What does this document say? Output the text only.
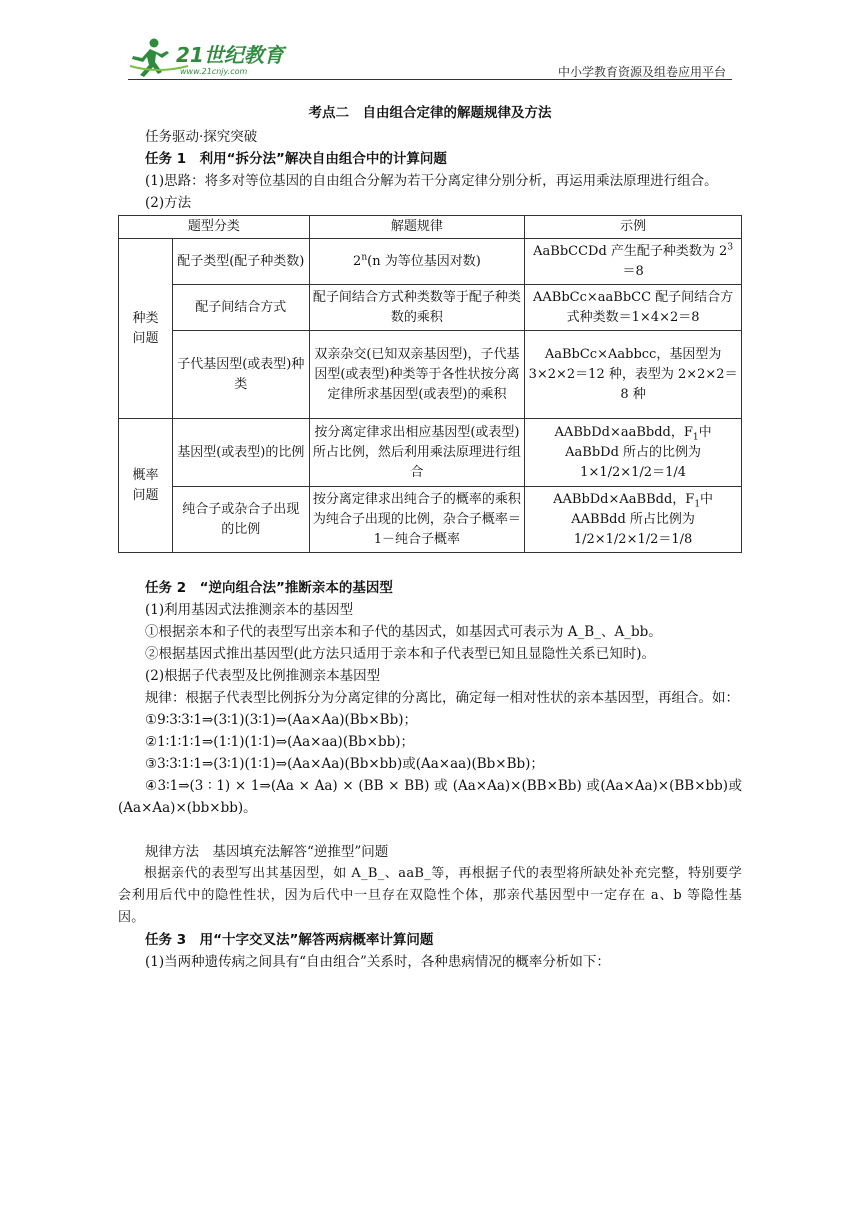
21世纪教育
www.21cnjy.com	中小学教育资源及组卷应用平台
考点二　自由组合定律的解题规律及方法

任务驱动·探究突破

任务 1　利用“拆分法”解决自由组合中的计算问题

(1)思路：将多对等位基因的自由组合分解为若干分离定律分别分析，再运用乘法原理进行组合。

(2)方法

题型分类		解题规律	示例
种类问题	配子类型(配子种类数)	2$^n$(n 为等位基因对数)	AaBbCCDd 产生配子种类数为 $2^3=8$
	配子间结合方式	配子间结合方式种类数等于配子种类数的乘积	AABbCc×aaBbCC 配子间结合方式种类数＝1×4×2＝8
	子代基因型(或表型)种类	双亲杂交(已知双亲基因型)，子代基因型(或表型)种类等于各性状按分离定律所求基因型(或表型)的乘积	AaBbCc×Aabbcc，基因型为 3×2×2＝12 种，表型为 2×2×2＝8 种
概率问题	基因型(或表型)的比例	按分离定律求出相应基因型(或表型)所占比例，然后利用乘法原理进行组合	AABbDd×aaBbdd，$F_1$中 AaBbDd 所占的比例为 1×1/2×1/2＝1/4
	纯合子或杂合子出现的比例	按分离定律求出纯合子的概率的乘积为纯合子出现的比例，杂合子概率＝1－纯合子概率	AABbDd×AaBBdd，$F_1$中 AABBdd 所占比例为 1/2×1/2×1/2＝1/8

任务 2　“逆向组合法”推断亲本的基因型

(1)利用基因式法推测亲本的基因型

①根据亲本和子代的表型写出亲本和子代的基因式，如基因式可表示为 A_B_、A_bb。

②根据基因式推出基因型(此方法只适用于亲本和子代表型已知且显隐性关系已知时)。

(2)根据子代表型及比例推测亲本基因型

规律：根据子代表型比例拆分为分离定律的分离比，确定每一相对性状的亲本基因型，再组合。如：

①9∶3∶3∶1⇒(3∶1)(3∶1)⇒(Aa×Aa)(Bb×Bb)；

②1∶1∶1∶1⇒(1∶1)(1∶1)⇒(Aa×aa)(Bb×bb)；

③3∶3∶1∶1⇒(3∶1)(1∶1)⇒(Aa×Aa)(Bb×bb)或(Aa×aa)(Bb×Bb)；

④3∶1⇒(3 ∶ 1) × 1⇒(Aa × Aa) × (BB × BB) 或 (Aa×Aa)×(BB×Bb) 或(Aa×Aa)×(BB×bb)或(Aa×Aa)×(bb×bb)。

规律方法　基因填充法解答“逆推型”问题

根据亲代的表型写出其基因型，如 A_B_、aaB_等，再根据子代的表型将所缺处补充完整，特别要学会利用后代中的隐性性状，因为后代中一旦存在双隐性个体，那亲代基因型中一定存在 a、b 等隐性基因。

任务 3　用“十字交叉法”解答两病概率计算问题

(1)当两种遗传病之间具有“自由组合”关系时，各种患病情况的概率分析如下：
